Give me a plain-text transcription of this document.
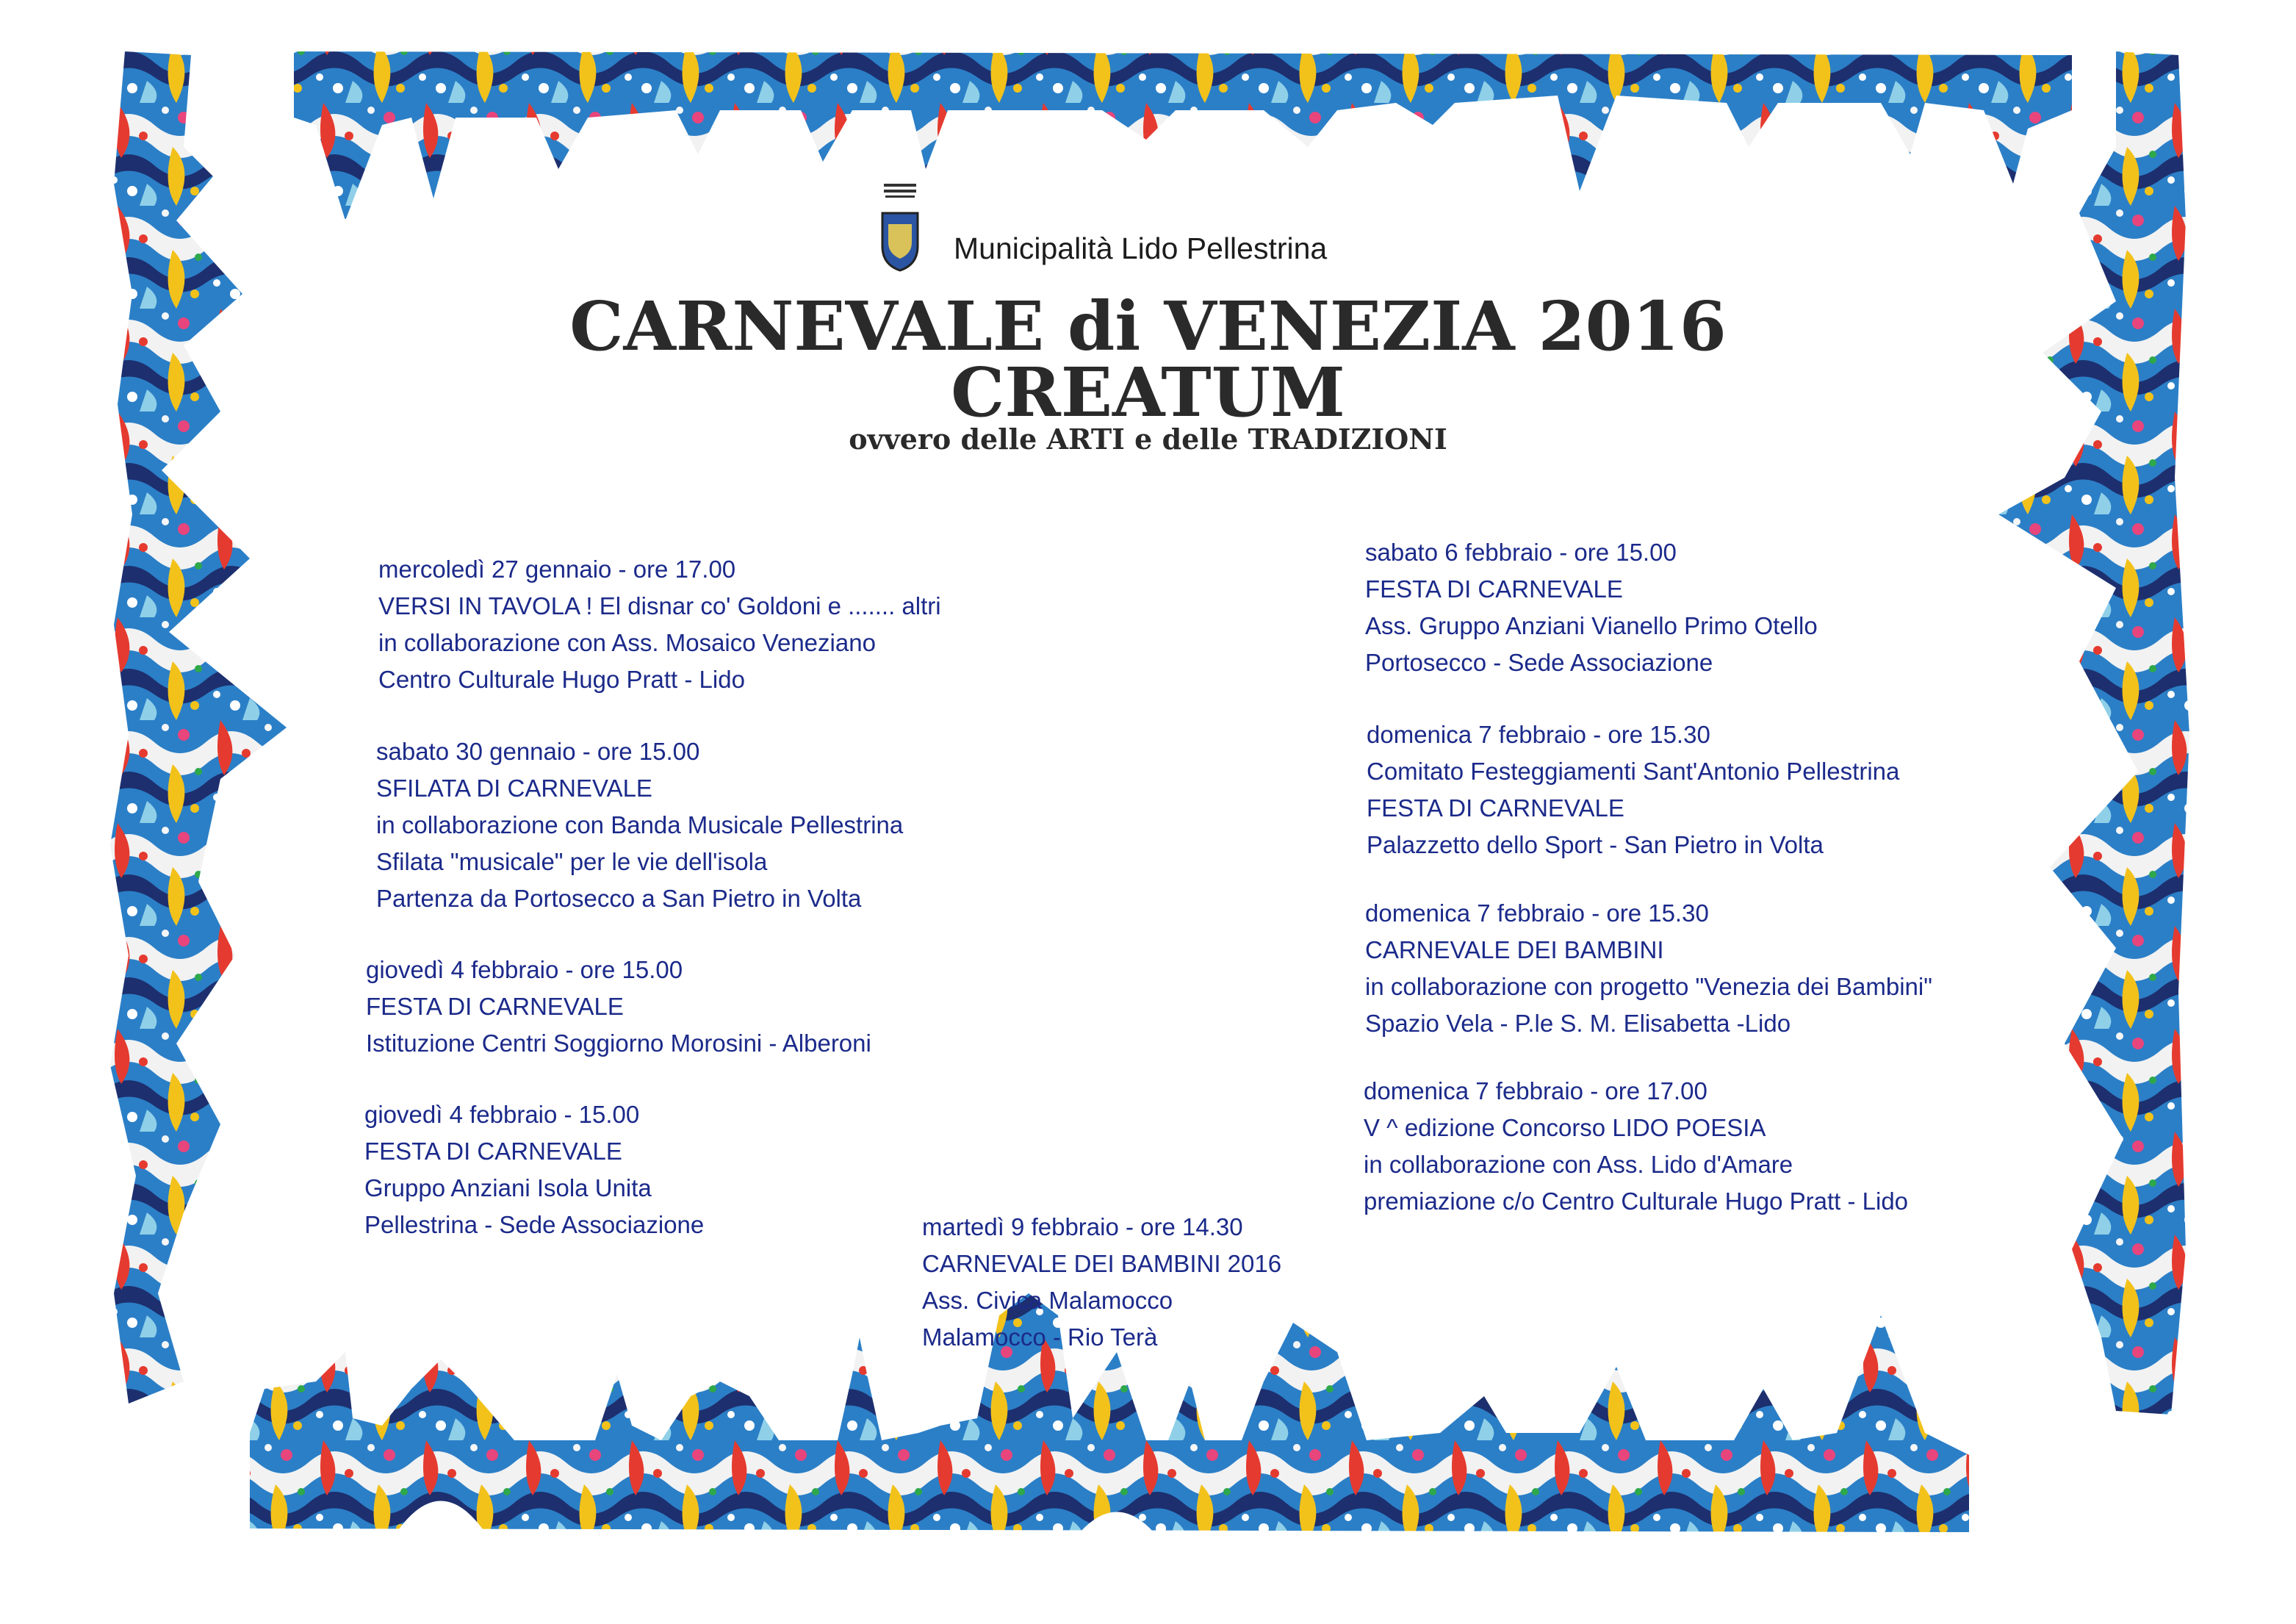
Municipalità Lido Pellestrina
CARNEVALE di VENEZIA 2016
CREATUM
ovvero delle ARTI e delle TRADIZIONI
mercoledì 27 gennaio - ore 17.00
VERSI IN TAVOLA ! El disnar co' Goldoni e ....... altri
in collaborazione con Ass. Mosaico Veneziano
Centro Culturale Hugo Pratt - Lido
sabato 30 gennaio - ore 15.00
SFILATA DI CARNEVALE
in collaborazione con Banda Musicale Pellestrina
Sfilata "musicale" per le vie dell'isola
Partenza da Portosecco a San Pietro in Volta
giovedì 4 febbraio - ore 15.00
FESTA DI CARNEVALE
Istituzione Centri Soggiorno Morosini - Alberoni
giovedì 4 febbraio - 15.00
FESTA DI CARNEVALE
Gruppo Anziani Isola Unita
Pellestrina - Sede Associazione	martedì 9 febbraio - ore 14.30
CARNEVALE DEI BAMBINI 2016
Ass. Civica Malamocco
Malamocco - Rio Terà
sabato 6 febbraio - ore 15.00
FESTA DI CARNEVALE
Ass. Gruppo Anziani Vianello Primo Otello
Portosecco - Sede Associazione
domenica 7 febbraio - ore 15.30
Comitato Festeggiamenti Sant'Antonio Pellestrina
FESTA DI CARNEVALE
Palazzetto dello Sport - San Pietro in Volta
domenica 7 febbraio - ore 15.30
CARNEVALE DEI BAMBINI
in collaborazione con progetto "Venezia dei Bambini"
Spazio Vela - P.le S. M. Elisabetta -Lido
domenica 7 febbraio - ore 17.00
V ^ edizione Concorso LIDO POESIA
in collaborazione con Ass. Lido d'Amare
premiazione c/o Centro Culturale Hugo Pratt - Lido
